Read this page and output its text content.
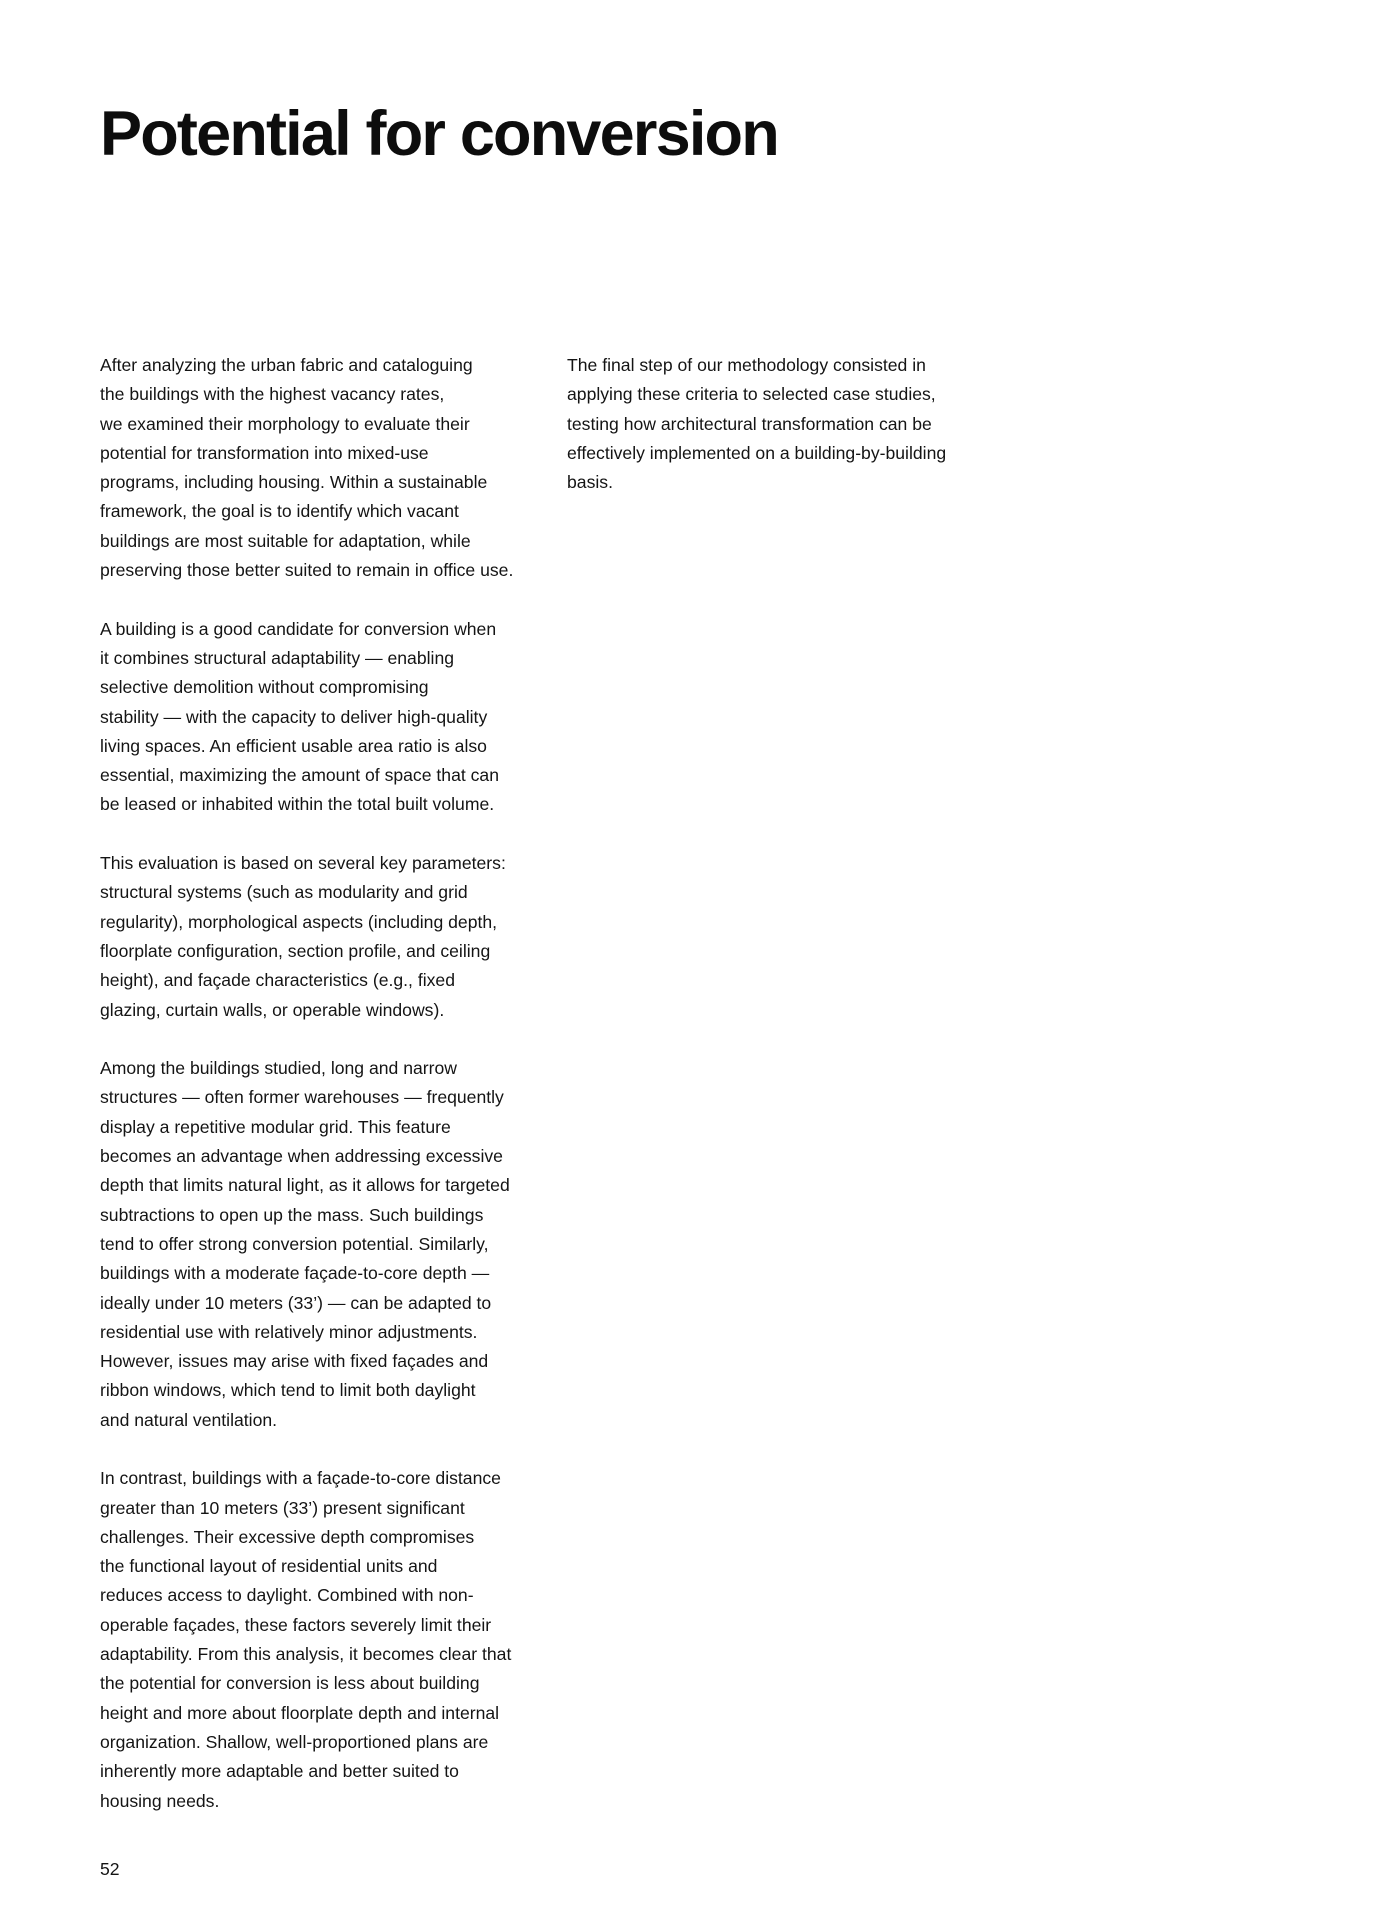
Potential for conversion

After analyzing the urban fabric and cataloguing
the buildings with the highest vacancy rates,
we examined their morphology to evaluate their
potential for transformation into mixed-use
programs, including housing. Within a sustainable
framework, the goal is to identify which vacant
buildings are most suitable for adaptation, while
preserving those better suited to remain in office use.

A building is a good candidate for conversion when
it combines structural adaptability — enabling
selective demolition without compromising
stability — with the capacity to deliver high-quality
living spaces. An efficient usable area ratio is also
essential, maximizing the amount of space that can
be leased or inhabited within the total built volume.

This evaluation is based on several key parameters:
structural systems (such as modularity and grid
regularity), morphological aspects (including depth,
floorplate configuration, section profile, and ceiling
height), and façade characteristics (e.g., fixed
glazing, curtain walls, or operable windows).

Among the buildings studied, long and narrow
structures — often former warehouses — frequently
display a repetitive modular grid. This feature
becomes an advantage when addressing excessive
depth that limits natural light, as it allows for targeted
subtractions to open up the mass. Such buildings
tend to offer strong conversion potential. Similarly,
buildings with a moderate façade-to-core depth —
ideally under 10 meters (33’) — can be adapted to
residential use with relatively minor adjustments.
However, issues may arise with fixed façades and
ribbon windows, which tend to limit both daylight
and natural ventilation.

In contrast, buildings with a façade-to-core distance
greater than 10 meters (33’) present significant
challenges. Their excessive depth compromises
the functional layout of residential units and
reduces access to daylight. Combined with non-
operable façades, these factors severely limit their
adaptability. From this analysis, it becomes clear that
the potential for conversion is less about building
height and more about floorplate depth and internal
organization. Shallow, well-proportioned plans are
inherently more adaptable and better suited to
housing needs.

The final step of our methodology consisted in
applying these criteria to selected case studies,
testing how architectural transformation can be
effectively implemented on a building-by-building
basis.

52
